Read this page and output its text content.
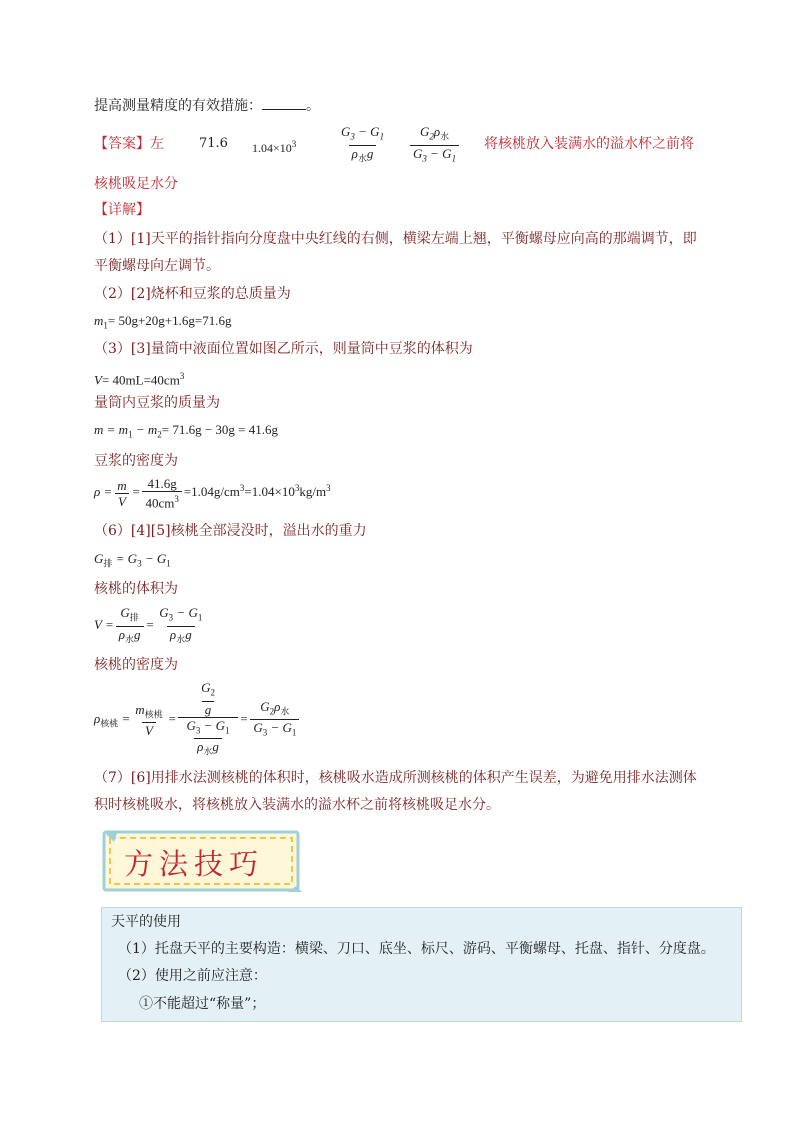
提高测量精度的有效措施：	。
【答案】左	71.6 $1.04\times 10^3$	$\frac{G_3 - G_1}{\rho_水g} \frac{G_2\rho_水}{G_3 - G_1}$ 将核桃放入装满水的溢水杯之前将
核桃吸足水分
【详解】
（1）[1]天平的指针指向分度盘中央红线的右侧，横梁左端上翘，平衡螺母应向高的那端调节，即
平衡螺母向左调节。
（2）[2]烧杯和豆浆的总质量为
$m_1= 50g+20g+1.6g=71.6g$
（3）[3]量筒中液面位置如图乙所示，则量筒中豆浆的体积为
$V= 40mL=40cm^3$
量筒内豆浆的质量为
$m = m_1 - m_2= 71.6g - 30g = 41.6g$
豆浆的密度为
$\rho = \frac{m}{V} = \frac{41.6g}{40cm^3} =1.04g/cm^3=1.04\times 10^3kg/m^3$
（6）[4][5]核桃全部浸没时，溢出水的重力
$G_排 = G_3 - G_1$
核桃的体积为
$V = \frac{G_排}{\rho_水g} = \frac{G_3 - G_1}{\rho_水g}$
核桃的密度为
$\rho_{核桃} = \frac{m_{核桃}}{V} = \frac{\frac{G_2}{g}}{\frac{G_3 - G_1}{\rho_水g}} = \frac{G_2\rho_水}{G_3 - G_1}$
（7）[6]用排水法测核桃的体积时，核桃吸水造成所测核桃的体积产生误差，为避免用排水法测体
积时核桃吸水，将核桃放入装满水的溢水杯之前将核桃吸足水分。
方法技巧
天平的使用
（1）托盘天平的主要构造：横梁、刀口、底坐、标尺、游码、平衡螺母、托盘、指针、分度盘。
（2）使用之前应注意：
①不能超过“称量”；
